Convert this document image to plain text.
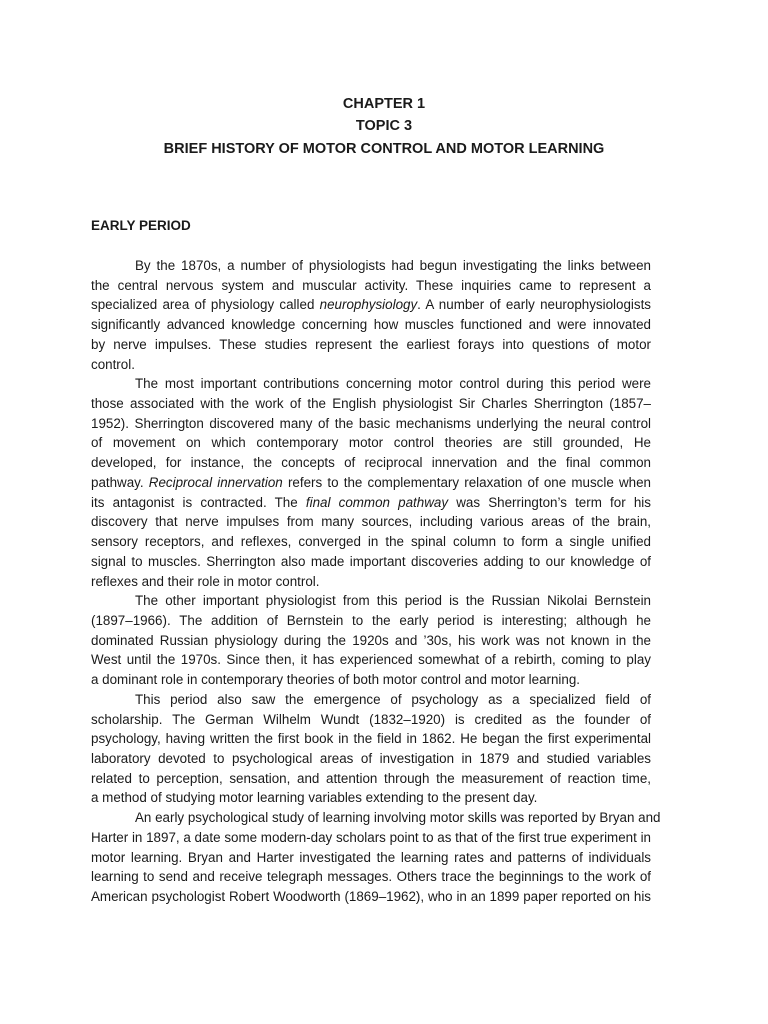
CHAPTER 1
TOPIC 3
BRIEF HISTORY OF MOTOR CONTROL AND MOTOR LEARNING
EARLY PERIOD
By the 1870s, a number of physiologists had begun investigating the links between
the central nervous system and muscular activity. These inquiries came to represent a
specialized area of physiology called neurophysiology. A number of early neurophysiologists
significantly advanced knowledge concerning how muscles functioned and were innovated
by nerve impulses. These studies represent the earliest forays into questions of motor
control.
The most important contributions concerning motor control during this period were
those associated with the work of the English physiologist Sir Charles Sherrington (1857–
1952). Sherrington discovered many of the basic mechanisms underlying the neural control
of movement on which contemporary motor control theories are still grounded, He
developed, for instance, the concepts of reciprocal innervation and the final common
pathway. Reciprocal innervation refers to the complementary relaxation of one muscle when
its antagonist is contracted. The final common pathway was Sherrington’s term for his
discovery that nerve impulses from many sources, including various areas of the brain,
sensory receptors, and reflexes, converged in the spinal column to form a single unified
signal to muscles. Sherrington also made important discoveries adding to our knowledge of
reflexes and their role in motor control.
The other important physiologist from this period is the Russian Nikolai Bernstein
(1897–1966). The addition of Bernstein to the early period is interesting; although he
dominated Russian physiology during the 1920s and ’30s, his work was not known in the
West until the 1970s. Since then, it has experienced somewhat of a rebirth, coming to play
a dominant role in contemporary theories of both motor control and motor learning.
This period also saw the emergence of psychology as a specialized field of
scholarship. The German Wilhelm Wundt (1832–1920) is credited as the founder of
psychology, having written the first book in the field in 1862. He began the first experimental
laboratory devoted to psychological areas of investigation in 1879 and studied variables
related to perception, sensation, and attention through the measurement of reaction time,
a method of studying motor learning variables extending to the present day.
An early psychological study of learning involving motor skills was reported by Bryan and
Harter in 1897, a date some modern-day scholars point to as that of the first true experiment in
motor learning. Bryan and Harter investigated the learning rates and patterns of individuals
learning to send and receive telegraph messages. Others trace the beginnings to the work of
American psychologist Robert Woodworth (1869–1962), who in an 1899 paper reported on his
